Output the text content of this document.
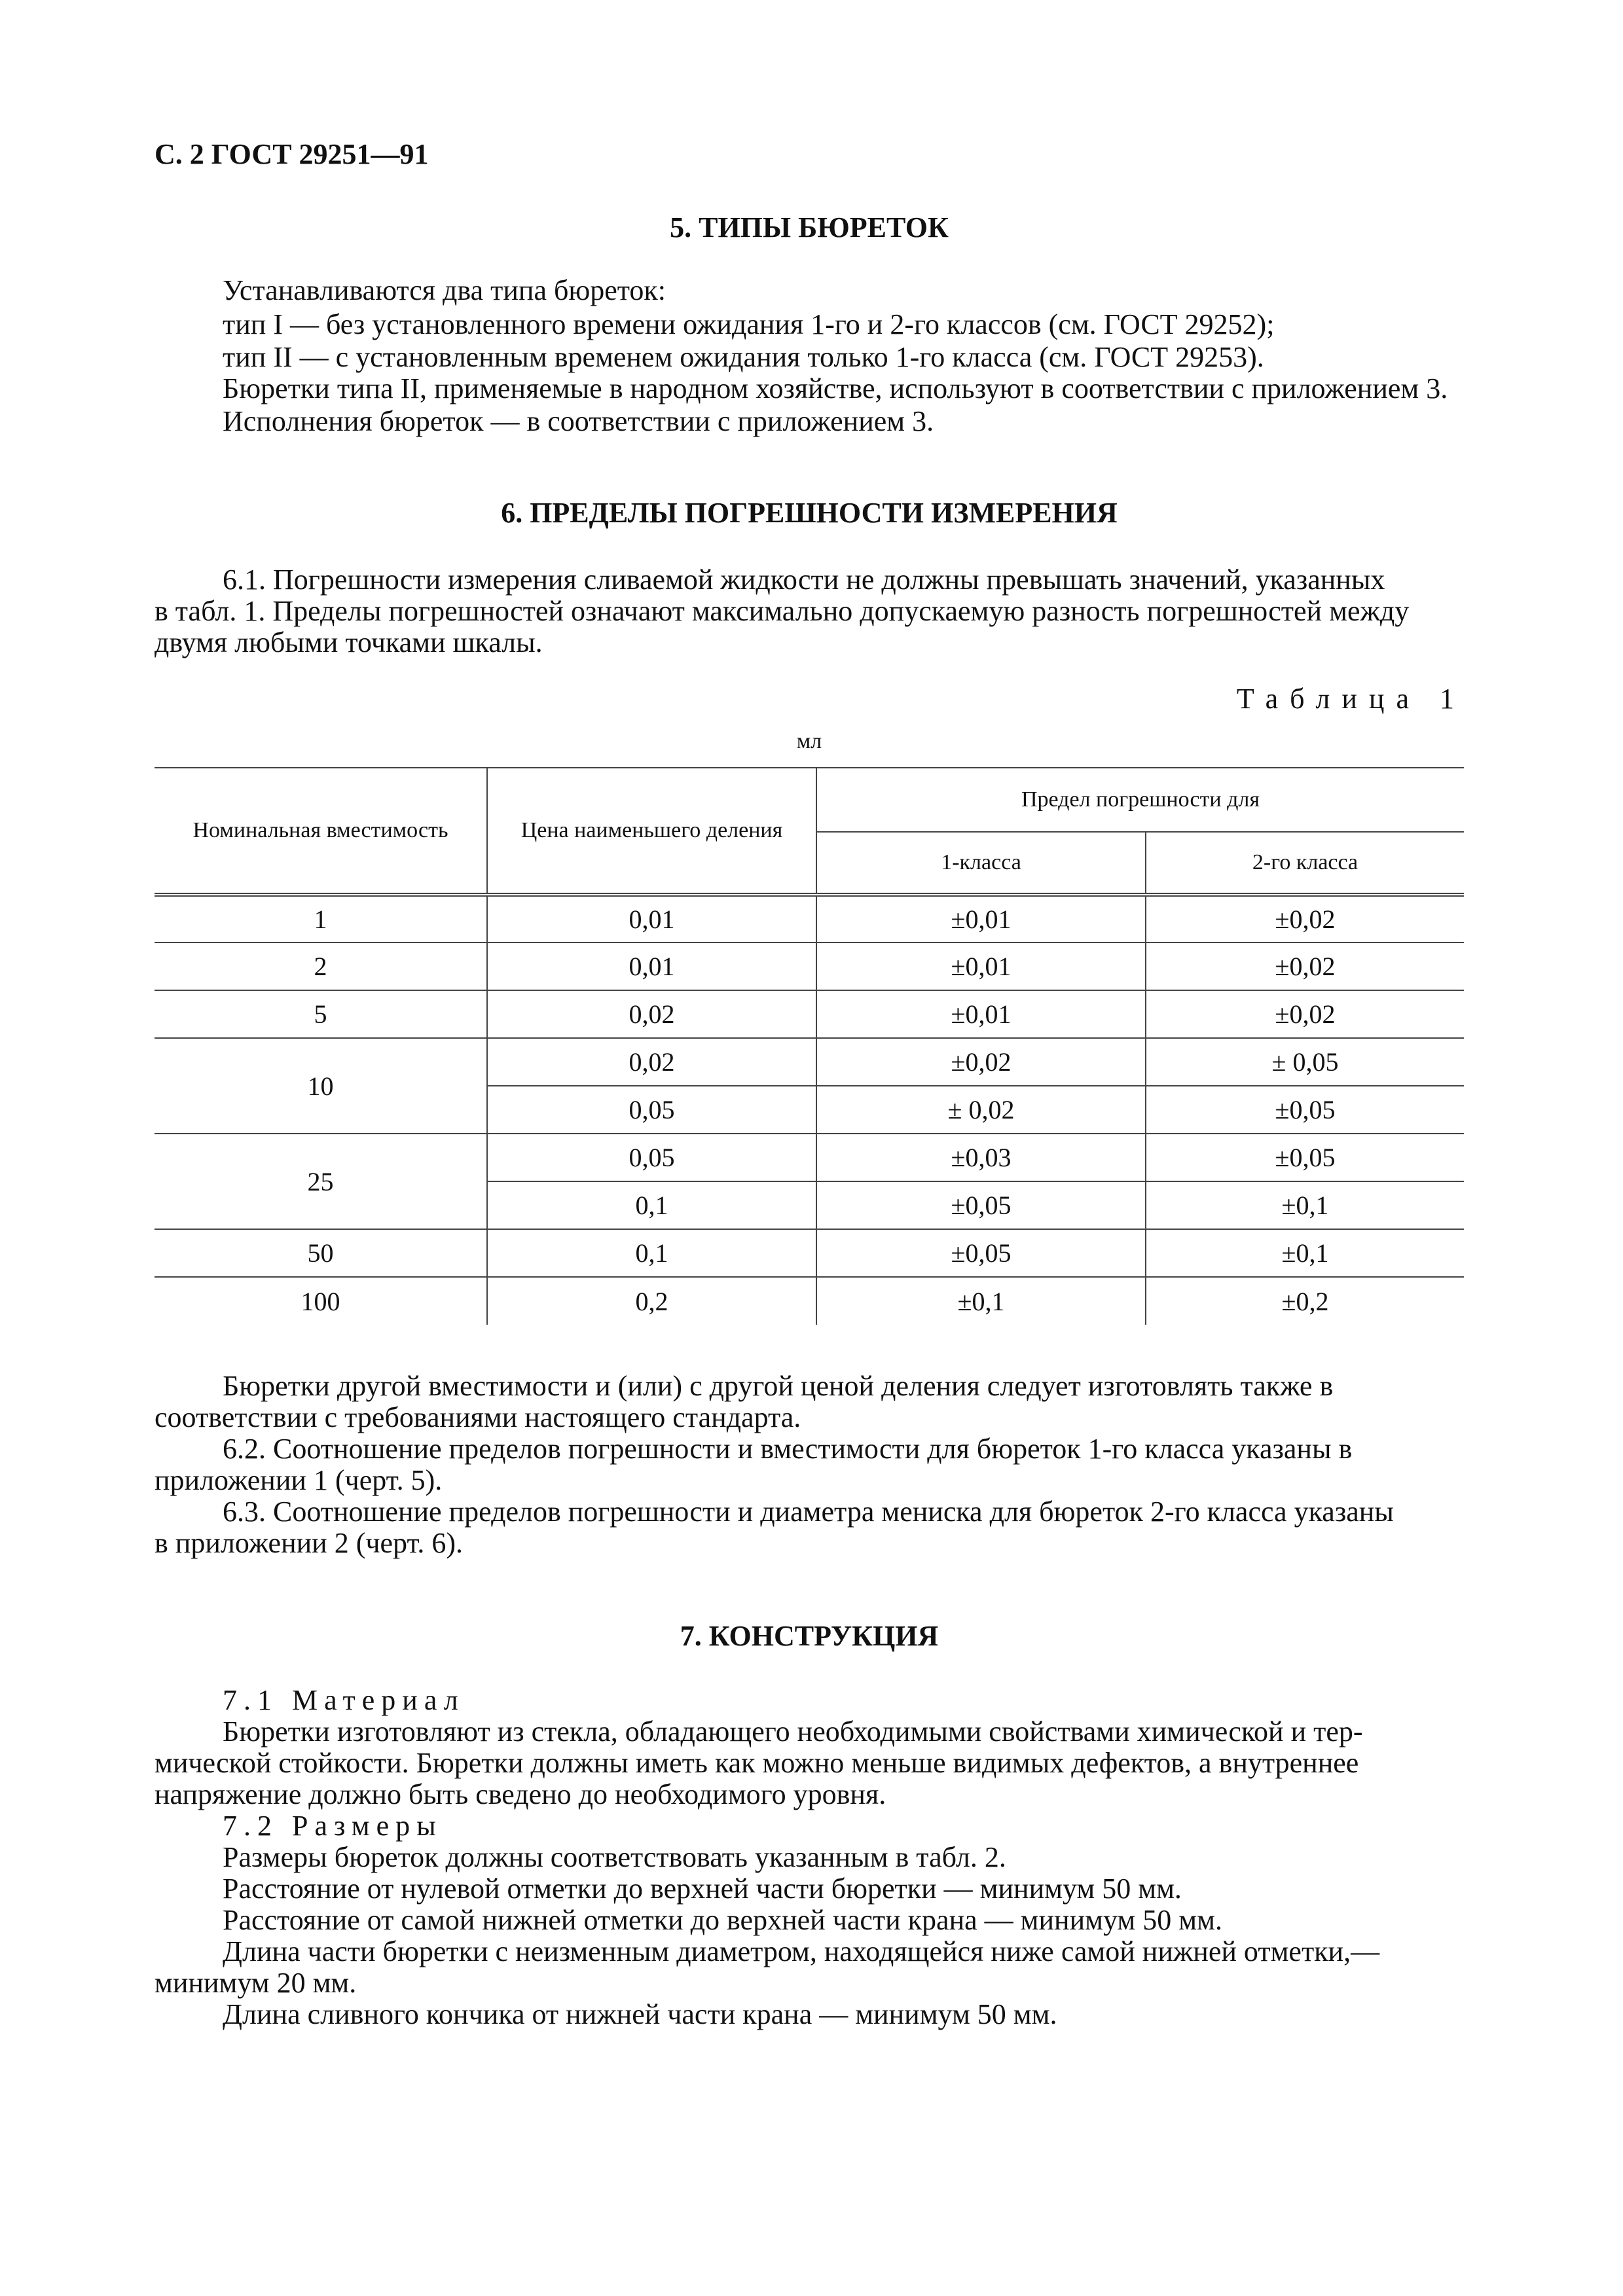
С. 2 ГОСТ 29251—91
5. ТИПЫ БЮРЕТОК
Устанавливаются два типа бюреток:
тип I — без установленного времени ожидания 1-го и 2-го классов (см. ГОСТ 29252);
тип II — с установленным временем ожидания только 1-го класса (см. ГОСТ 29253).
Бюретки типа II, применяемые в народном хозяйстве, используют в соответствии с приложением 3.
Исполнения бюреток — в соответствии с приложением 3.
6. ПРЕДЕЛЫ ПОГРЕШНОСТИ ИЗМЕРЕНИЯ
6.1. Погрешности измерения сливаемой жидкости не должны превышать значений, указанных
в табл. 1. Пределы погрешностей означают максимально допускаемую разность погрешностей между
двумя любыми точками шкалы.
Таблица 1
мл
Номинальная вместимость	Цена наименьшего деления	Предел погрешности для	
		1-класса	2-го класса
1	0,01	±0,01	±0,02
2	0,01	±0,01	±0,02
5	0,02	±0,01	±0,02
10	0,02	±0,02	± 0,05
	0,05	± 0,02	±0,05
25	0,05	±0,03	±0,05
	0,1	±0,05	±0,1
50	0,1	±0,05	±0,1
100	0,2	±0,1	±0,2
Бюретки другой вместимости и (или) с другой ценой деления следует изготовлять также в
соответствии с требованиями настоящего стандарта.
6.2. Соотношение пределов погрешности и вместимости для бюреток 1-го класса указаны в
приложении 1 (черт. 5).
6.3. Соотношение пределов погрешности и диаметра мениска для бюреток 2-го класса указаны
в приложении 2 (черт. 6).
7. КОНСТРУКЦИЯ
7.1 Материал
Бюретки изготовляют из стекла, обладающего необходимыми свойствами химической и тер-
мической стойкости. Бюретки должны иметь как можно меньше видимых дефектов, а внутреннее
напряжение должно быть сведено до необходимого уровня.
7.2 Размеры
Размеры бюреток должны соответствовать указанным в табл. 2.
Расстояние от нулевой отметки до верхней части бюретки — минимум 50 мм.
Расстояние от самой нижней отметки до верхней части крана — минимум 50 мм.
Длина части бюретки с неизменным диаметром, находящейся ниже самой нижней отметки,—
минимум 20 мм.
Длина сливного кончика от нижней части крана — минимум 50 мм.
